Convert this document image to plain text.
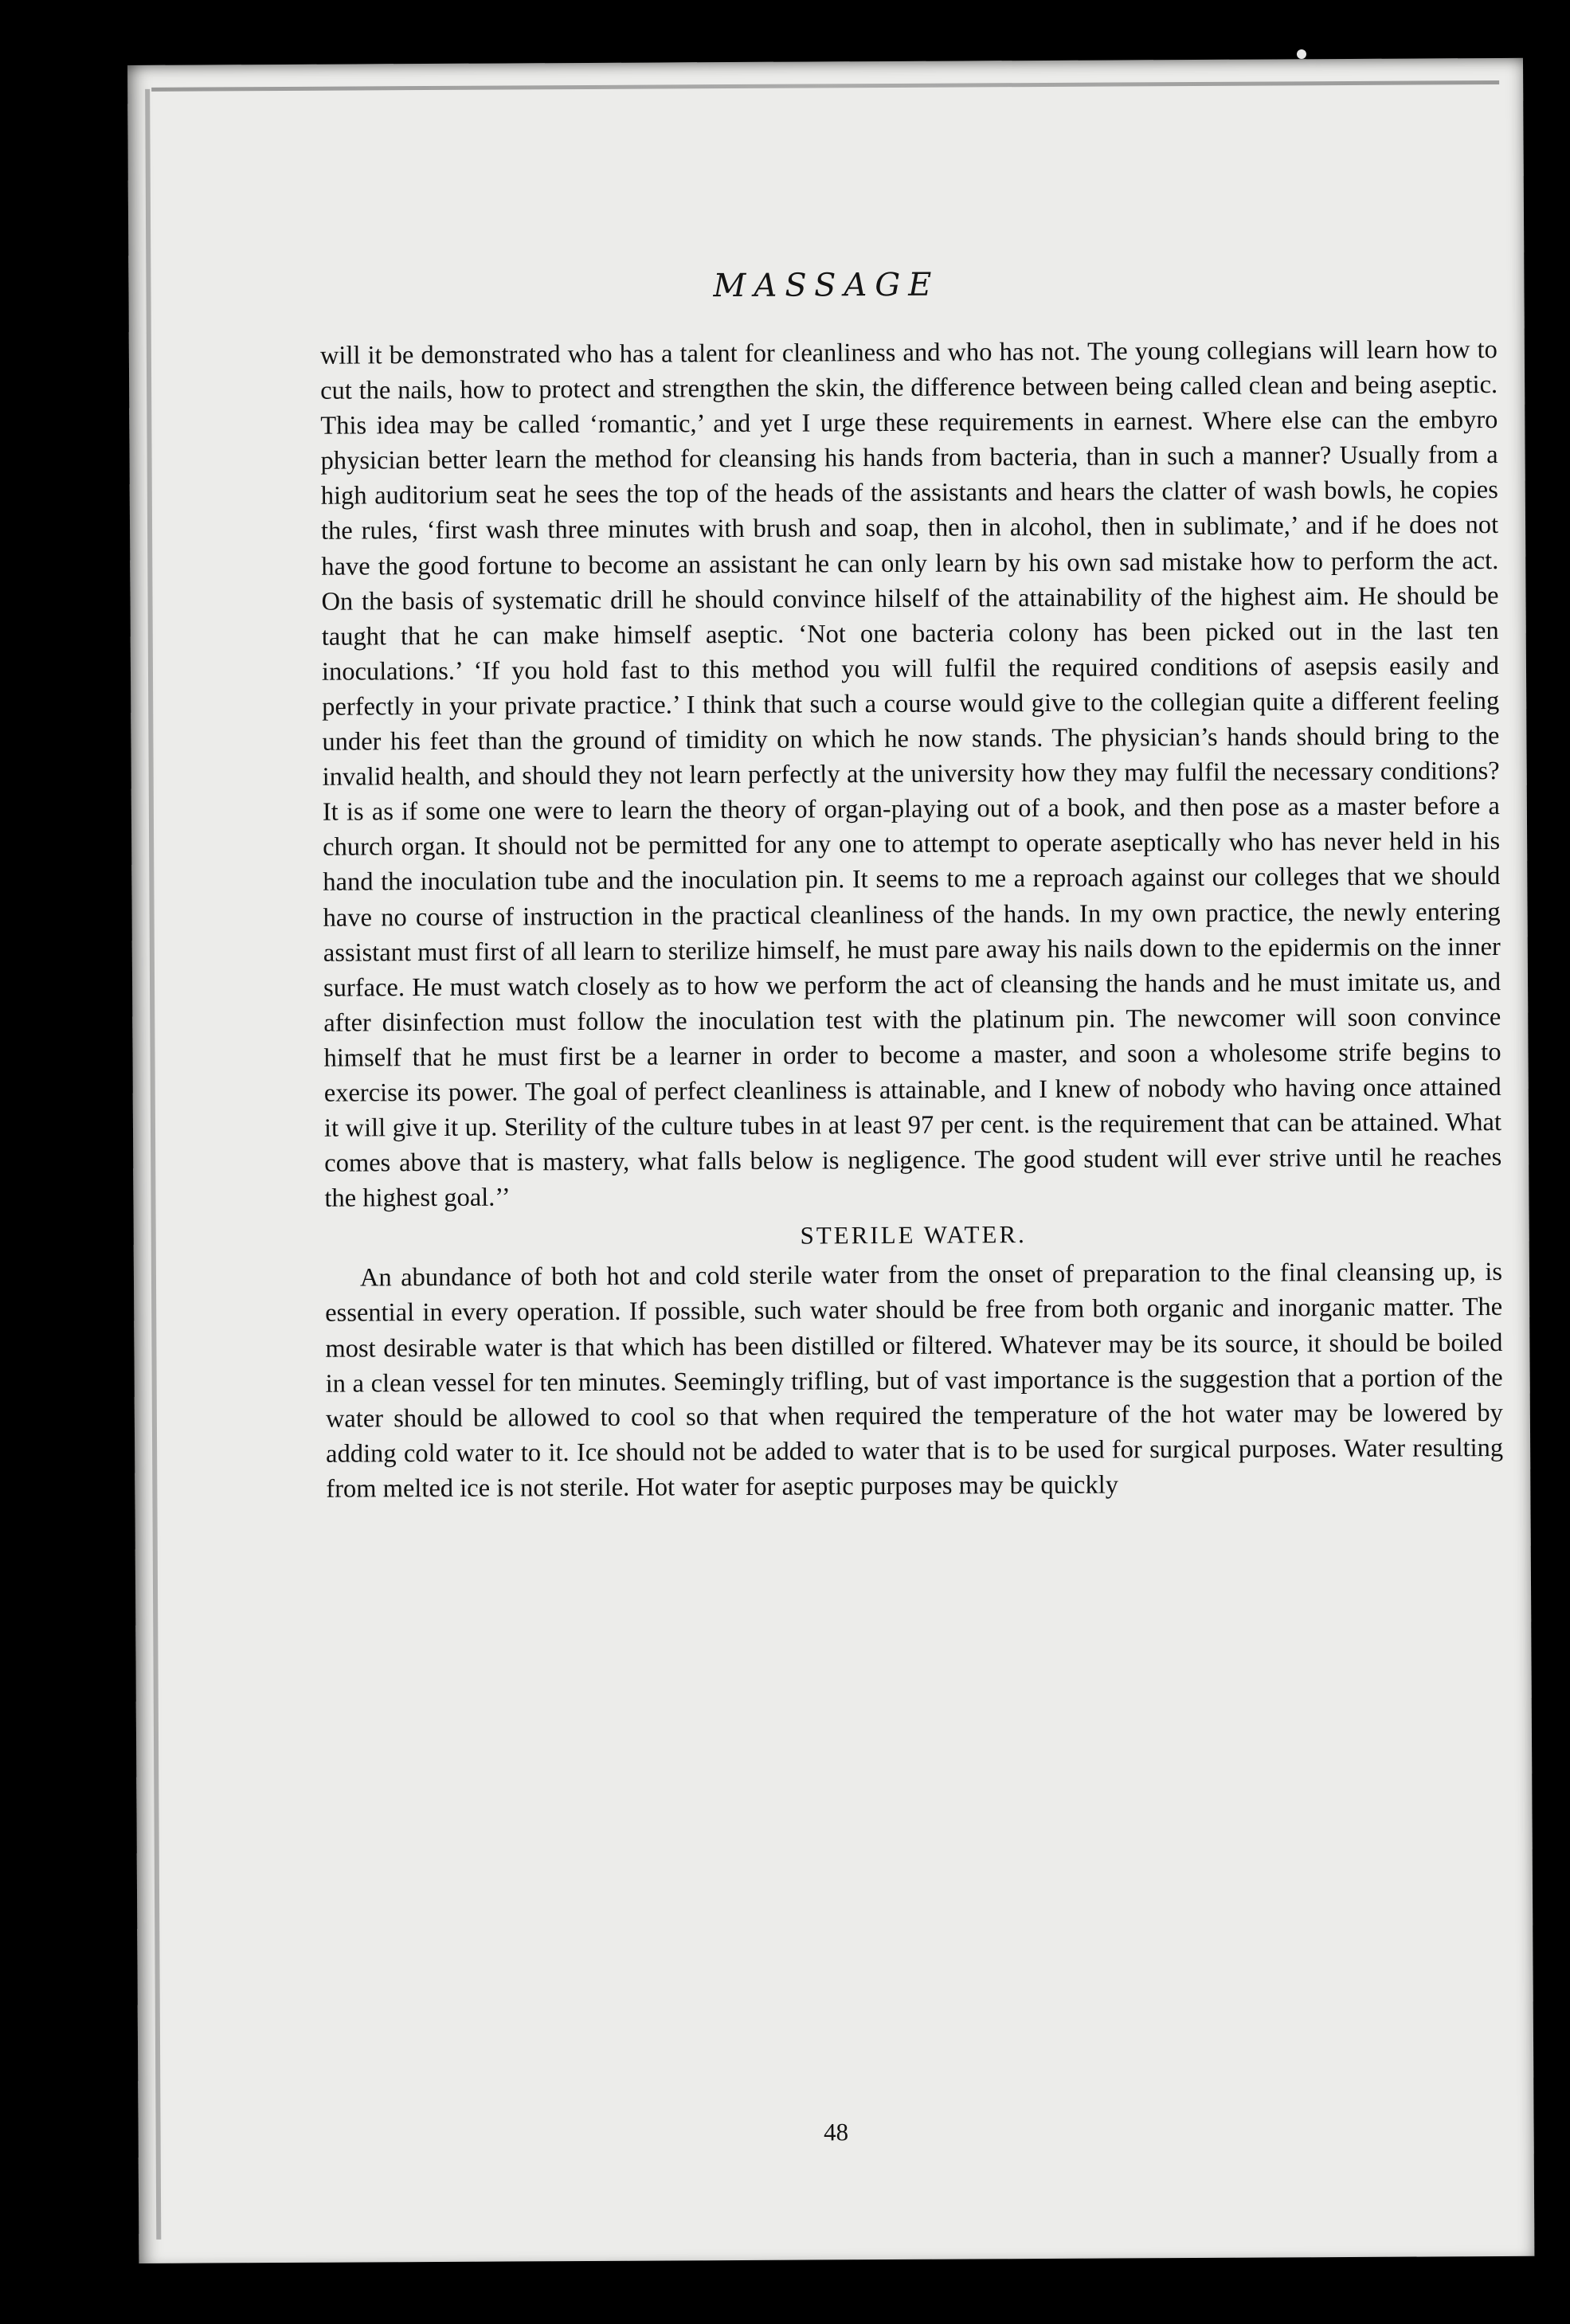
MASSAGE

will it be demonstrated who has a talent for cleanliness and who has not. The young collegians will learn how to cut the nails, how to protect and strengthen the skin, the difference between being called clean and being aseptic. This idea may be called ‘romantic,’ and yet I urge these requirements in earnest. Where else can the embyro physician better learn the method for cleansing his hands from bacteria, than in such a manner? Usually from a high auditorium seat he sees the top of the heads of the assistants and hears the clatter of wash bowls, he copies the rules, ‘first wash three minutes with brush and soap, then in alcohol, then in sublimate,’ and if he does not have the good fortune to become an assistant he can only learn by his own sad mistake how to perform the act. On the basis of systematic drill he should convince hilself of the attainability of the highest aim. He should be taught that he can make himself aseptic. ‘Not one bacteria colony has been picked out in the last ten inoculations.’ ‘If you hold fast to this method you will fulfil the required conditions of asepsis easily and perfectly in your private practice.’ I think that such a course would give to the collegian quite a different feeling under his feet than the ground of timidity on which he now stands. The physician’s hands should bring to the invalid health, and should they not learn perfectly at the university how they may fulfil the necessary conditions? It is as if some one were to learn the theory of organ-playing out of a book, and then pose as a master before a church organ. It should not be permitted for any one to attempt to operate aseptically who has never held in his hand the inoculation tube and the inoculation pin. It seems to me a reproach against our colleges that we should have no course of instruction in the practical cleanliness of the hands. In my own practice, the newly entering assistant must first of all learn to sterilize himself, he must pare away his nails down to the epidermis on the inner surface. He must watch closely as to how we perform the act of cleansing the hands and he must imitate us, and after disinfection must follow the inoculation test with the platinum pin. The newcomer will soon convince himself that he must first be a learner in order to become a master, and soon a wholesome strife begins to exercise its power. The goal of perfect cleanliness is attainable, and I knew of nobody who having once attained it will give it up. Sterility of the culture tubes in at least 97 per cent. is the requirement that can be attained. What comes above that is mastery, what falls below is negligence. The good student will ever strive until he reaches the highest goal.’’

STERILE WATER.

An abundance of both hot and cold sterile water from the onset of preparation to the final cleansing up, is essential in every operation. If possible, such water should be free from both organic and inorganic matter. The most desirable water is that which has been distilled or filtered. Whatever may be its source, it should be boiled in a clean vessel for ten minutes. Seemingly trifling, but of vast importance is the suggestion that a portion of the water should be allowed to cool so that when required the temperature of the hot water may be lowered by adding cold water to it. Ice should not be added to water that is to be used for surgical purposes. Water resulting from melted ice is not sterile. Hot water for aseptic purposes may be quickly

48
